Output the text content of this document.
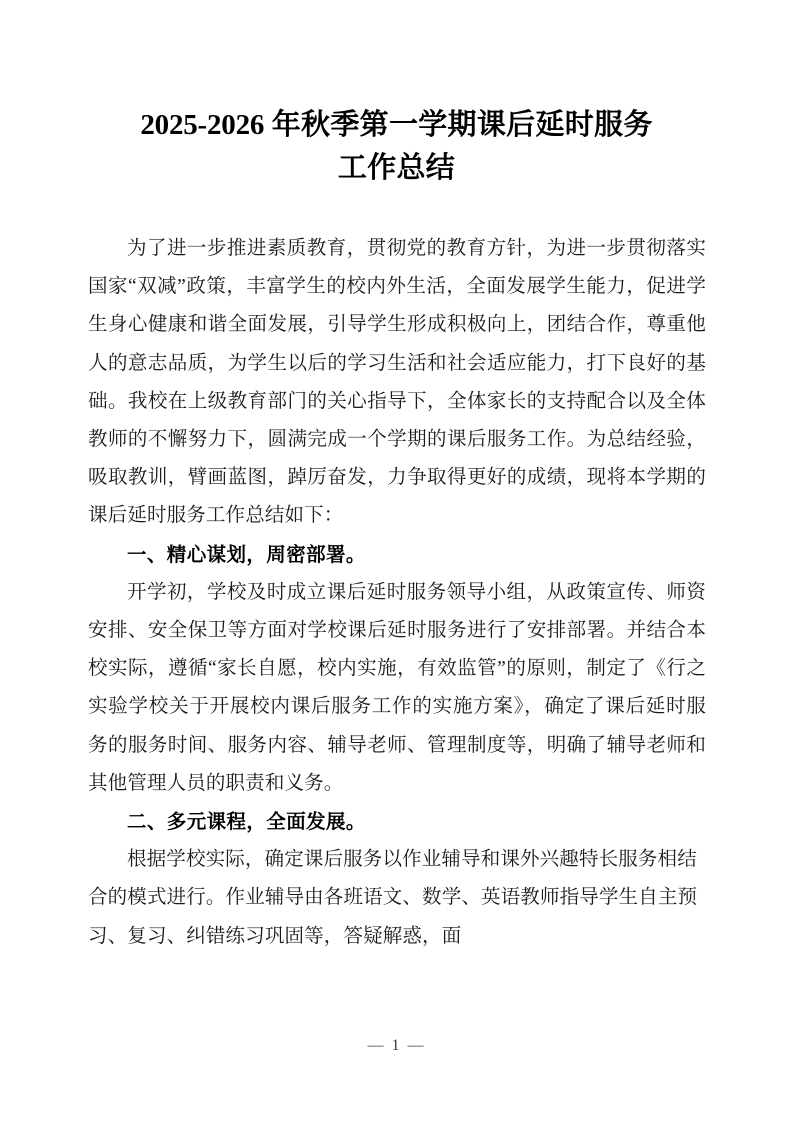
2025-2026 年秋季第一学期课后延时服务
工作总结

为了进一步推进素质教育，贯彻党的教育方针，为进一步贯彻落实国家“双减”政策，丰富学生的校内外生活，全面发展学生能力，促进学生身心健康和谐全面发展，引导学生形成积极向上，团结合作，尊重他人的意志品质，为学生以后的学习生活和社会适应能力，打下良好的基础。我校在上级教育部门的关心指导下，全体家长的支持配合以及全体教师的不懈努力下，圆满完成一个学期的课后服务工作。为总结经验，吸取教训，臂画蓝图，踔厉奋发，力争取得更好的成绩，现将本学期的课后延时服务工作总结如下：

一、精心谋划，周密部署。

开学初，学校及时成立课后延时服务领导小组，从政策宣传、师资安排、安全保卫等方面对学校课后延时服务进行了安排部署。并结合本校实际，遵循“家长自愿，校内实施，有效监管”的原则，制定了《行之实验学校关于开展校内课后服务工作的实施方案》，确定了课后延时服务的服务时间、服务内容、辅导老师、管理制度等，明确了辅导老师和其他管理人员的职责和义务。

二、多元课程，全面发展。

根据学校实际，确定课后服务以作业辅导和课外兴趣特长服务相结合的模式进行。作业辅导由各班语文、数学、英语教师指导学生自主预习、复习、纠错练习巩固等，答疑解惑，面

— 1 —
